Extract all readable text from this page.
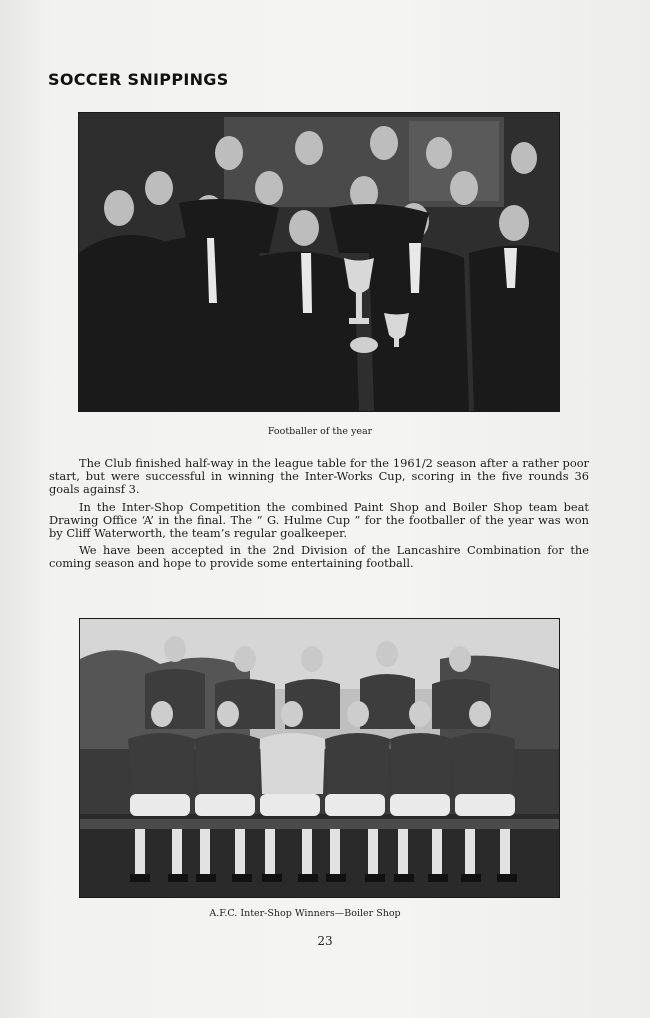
SOCCER SNIPPINGS
Footballer of the year

The Club finished half-way in the league table for the 1961/2 season after a rather poor start, but were successful in winning the Inter-Works Cup, scoring in the five rounds 36 goals againsf 3.

In the Inter-Shop Competition the combined Paint Shop and Boiler Shop team beat Drawing Office ‘A’ in the final. The “ G. Hulme Cup ” for the footballer of the year was won by Cliff Waterworth, the team’s regular goalkeeper.

We have been accepted in the 2nd Division of the Lancashire Combination for the coming season and hope to provide some entertaining football.

A.F.C. Inter-Shop Winners—Boiler Shop
23
